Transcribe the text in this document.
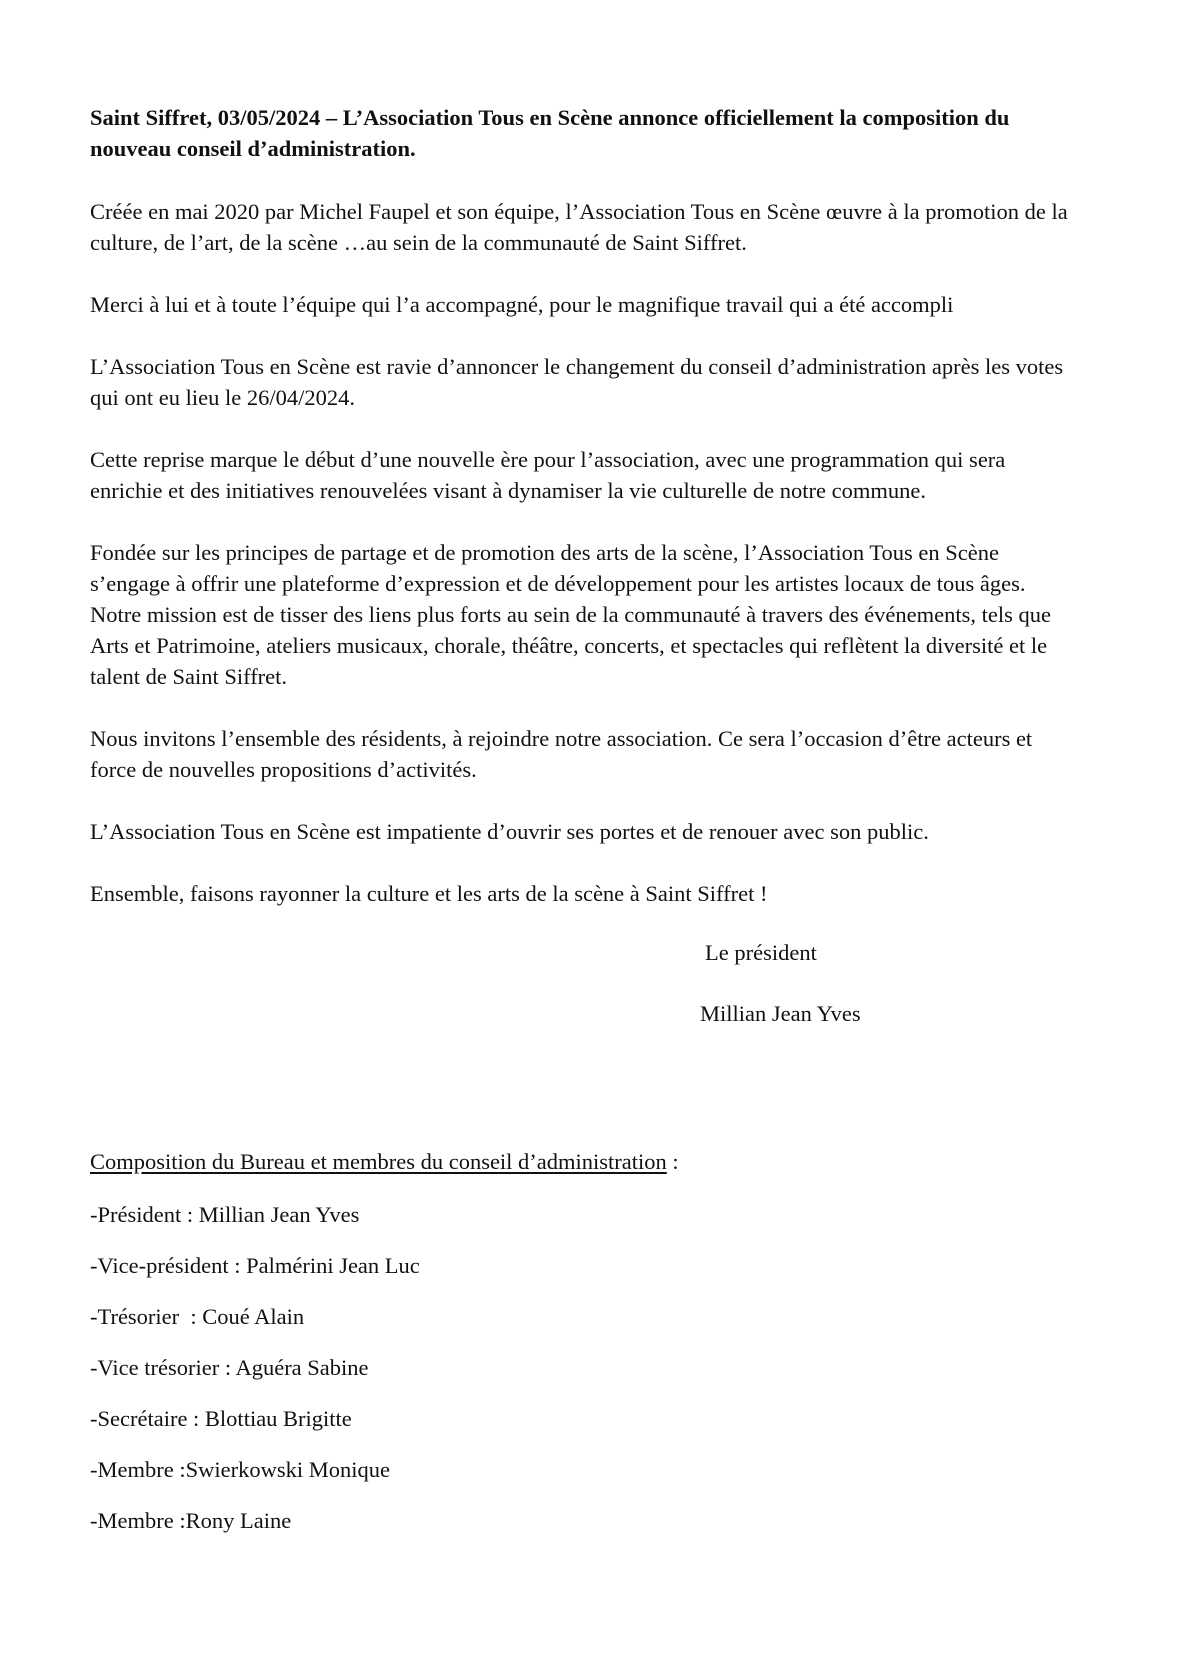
Saint Siffret, 03/05/2024 – L’Association Tous en Scène annonce officiellement la composition du nouveau conseil d’administration.

Créée en mai 2020 par Michel Faupel et son équipe, l’Association Tous en Scène œuvre à la promotion de la culture, de l’art, de la scène …au sein de la communauté de Saint Siffret.

Merci à lui et à toute l’équipe qui l’a accompagné, pour le magnifique travail qui a été accompli

L’Association Tous en Scène est ravie d’annoncer le changement du conseil d’administration après les votes qui ont eu lieu le 26/04/2024.

Cette reprise marque le début d’une nouvelle ère pour l’association, avec une programmation qui sera enrichie et des initiatives renouvelées visant à dynamiser la vie culturelle de notre commune.

Fondée sur les principes de partage et de promotion des arts de la scène, l’Association Tous en Scène s’engage à offrir une plateforme d’expression et de développement pour les artistes locaux de tous âges. Notre mission est de tisser des liens plus forts au sein de la communauté à travers des événements, tels que Arts et Patrimoine, ateliers musicaux, chorale, théâtre, concerts, et spectacles qui reflètent la diversité et le talent de Saint Siffret.

Nous invitons l’ensemble des résidents, à rejoindre notre association. Ce sera l’occasion d’être acteurs et force de nouvelles propositions d’activités.

L’Association Tous en Scène est impatiente d’ouvrir ses portes et de renouer avec son public.

Ensemble, faisons rayonner la culture et les arts de la scène à Saint Siffret !

Le président

Millian Jean Yves

Composition du Bureau et membres du conseil d’administration :

-Président : Millian Jean Yves

-Vice-président : Palmérini Jean Luc

-Trésorier  : Coué Alain

-Vice trésorier : Aguéra Sabine

-Secrétaire : Blottiau Brigitte

-Membre :Swierkowski Monique

-Membre :Rony Laine
